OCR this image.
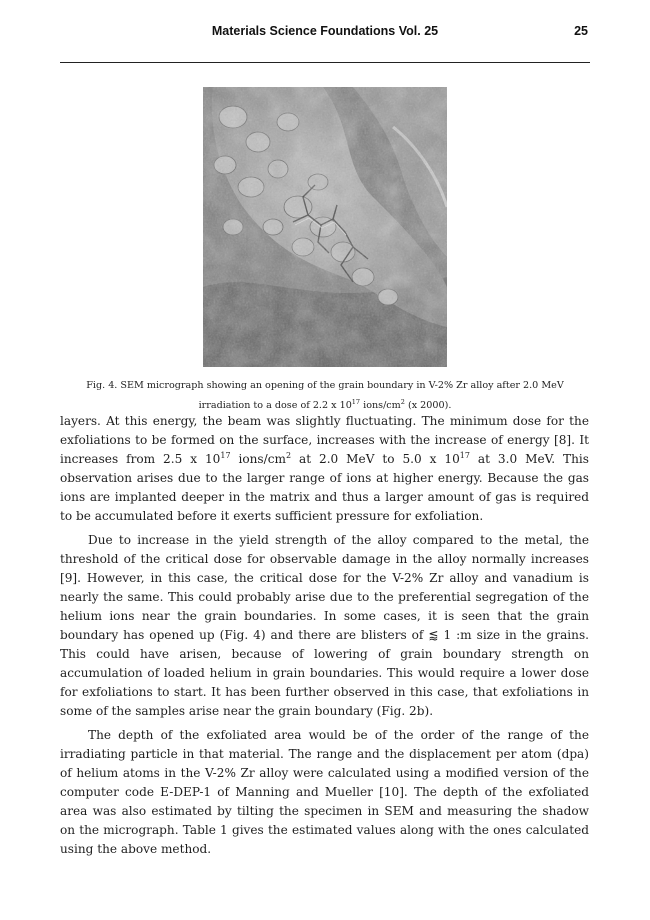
Materials Science Foundations Vol. 25	25
Fig. 4. SEM micrograph showing an opening of the grain boundary in V-2% Zr alloy after 2.0 MeV
irradiation to a dose of 2.2 x $10^{17}$ ions/$cm^2$ (x 2000).

layers. At this energy, the beam was slightly fluctuating. The minimum dose for the exfoliations to be formed on the surface, increases with the increase of energy [8]. It increases from 2.5 x $10^{17}$ ions/$cm^2$ at 2.0 MeV to 5.0 x $10^{17}$ at 3.0 MeV. This observation arises due to the larger range of ions at higher energy. Because the gas ions are implanted deeper in the matrix and thus a larger amount of gas is required to be accumulated before it exerts sufficient pressure for exfoliation.

Due to increase in the yield strength of the alloy compared to the metal, the threshold of the critical dose for observable damage in the alloy normally increases [9]. However, in this case, the critical dose for the V-2% Zr alloy and vanadium is nearly the same. This could probably arise due to the preferential segregation of the helium ions near the grain boundaries. In some cases, it is seen that the grain boundary has opened up (Fig. 4) and there are blisters of ⪅ 1 :m size in the grains. This could have arisen, because of lowering of grain boundary strength on accumulation of loaded helium in grain boundaries. This would require a lower dose for exfoliations to start. It has been further observed in this case, that exfoliations in some of the samples arise near the grain boundary (Fig. 2b).

The depth of the exfoliated area would be of the order of the range of the irradiating particle in that material. The range and the displacement per atom (dpa) of helium atoms in the V-2% Zr alloy were calculated using a modified version of the computer code E-DEP-1 of Manning and Mueller [10]. The depth of the exfoliated area was also estimated by tilting the specimen in SEM and measuring the shadow on the micrograph. Table 1 gives the estimated values along with the ones calculated using the above method.
